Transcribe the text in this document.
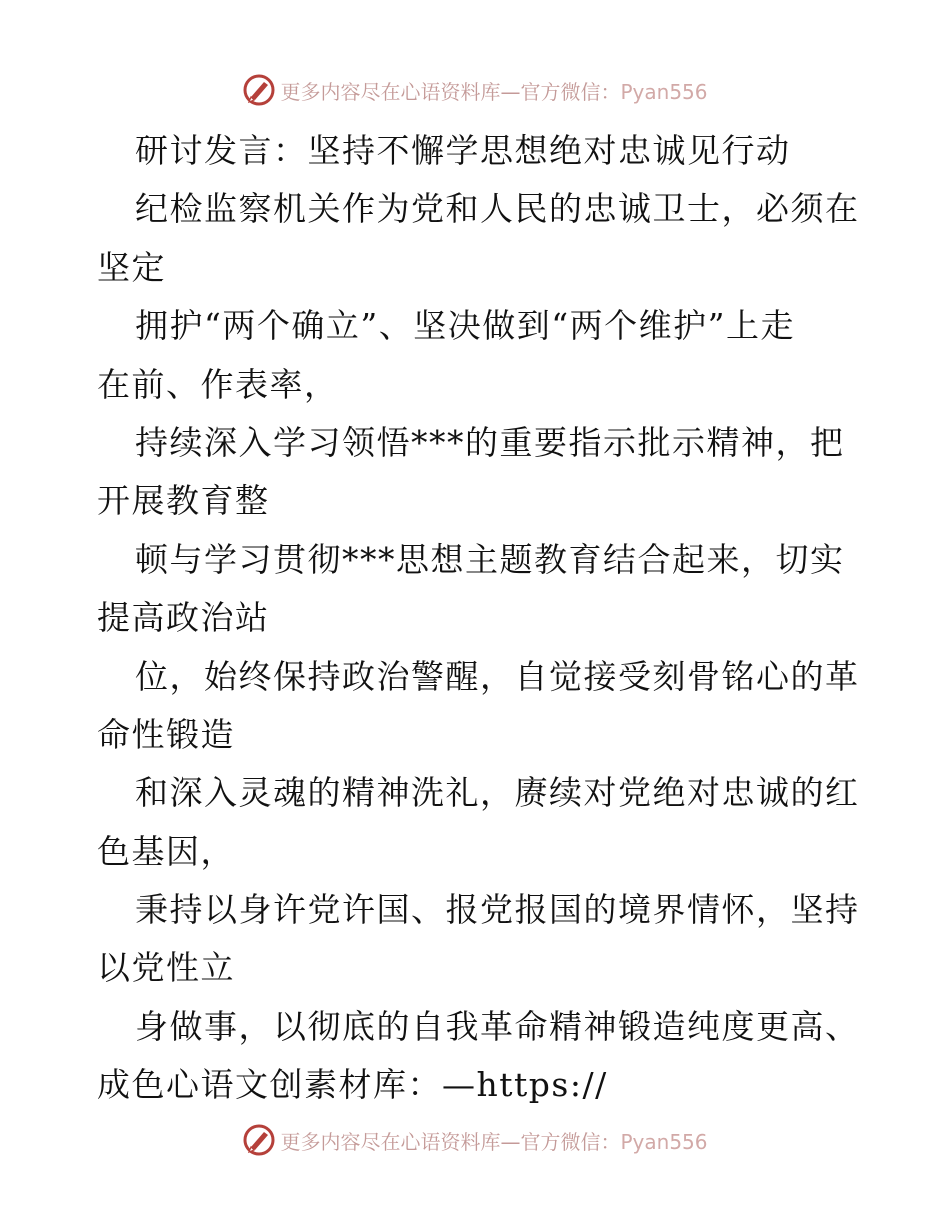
更多内容尽在心语资料库—官方微信：Pyan556
研讨发言：坚持不懈学思想绝对忠诚见行动
纪检监察机关作为党和人民的忠诚卫士，必须在
坚定
拥护“两个确立”、坚决做到“两个维护”上走
在前、作表率，
持续深入学习领悟***的重要指示批示精神，把
开展教育整
顿与学习贯彻***思想主题教育结合起来，切实
提高政治站
位，始终保持政治警醒，自觉接受刻骨铭心的革
命性锻造
和深入灵魂的精神洗礼，赓续对党绝对忠诚的红
色基因，
秉持以身许党许国、报党报国的境界情怀，坚持
以党性立
身做事，以彻底的自我革命精神锻造纯度更高、
成色心语文创素材库：—https://
更多内容尽在心语资料库—官方微信：Pyan556
